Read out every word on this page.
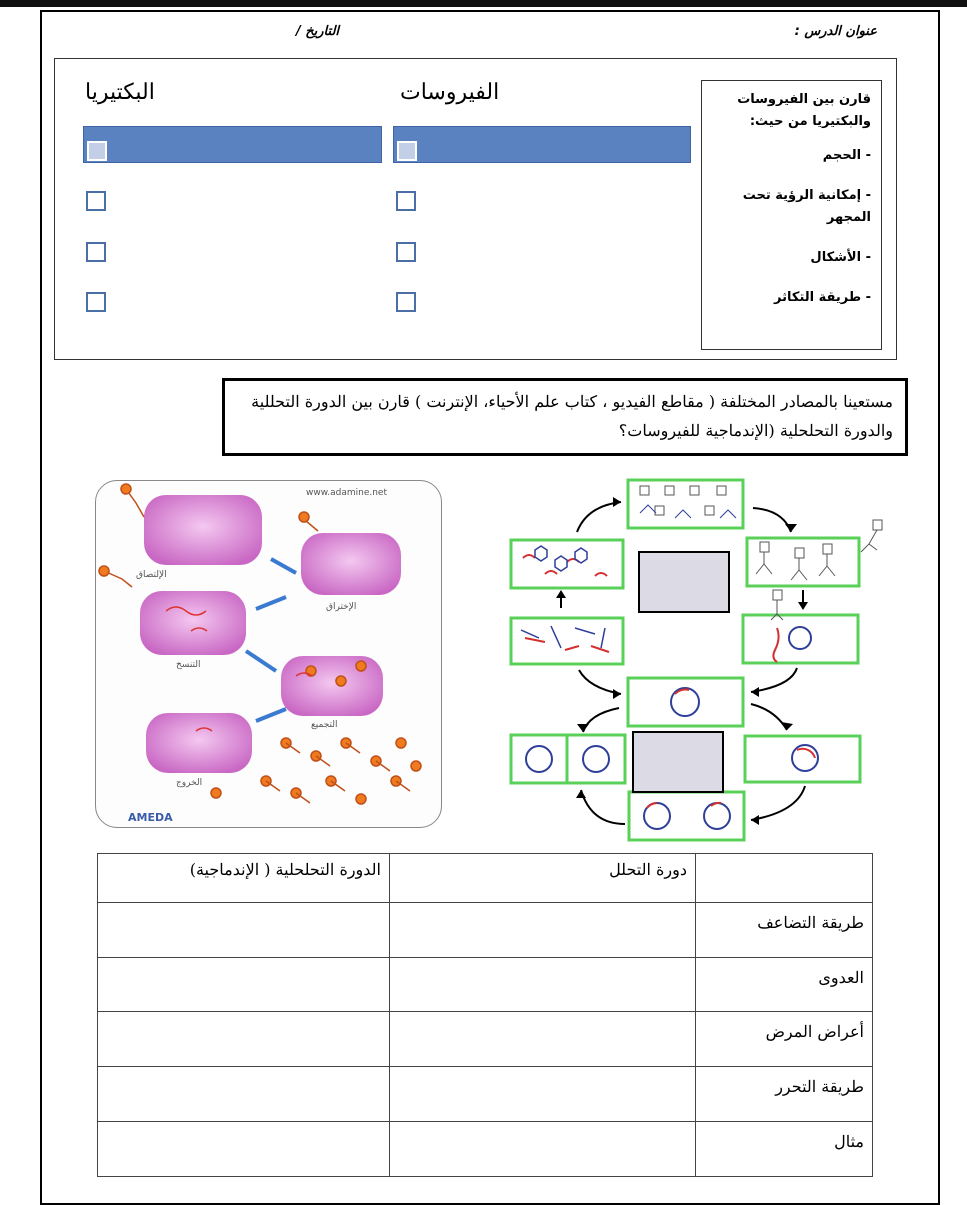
عنوان الدرس :
التاريخ /
قارن بين الفيروسات والبكتيريا من حيث:
- الحجم
- إمكانية الرؤية تحت المجهر
- الأشكال
- طريقة التكاثر
الفيروسات
البكتيريا
مستعينا بالمصادر المختلفة ( مقاطع الفيديو ، كتاب علم الأحياء، الإنترنت ) قارن بين الدورة التحللية والدورة التحلحلية (الإندماجية للفيروسات؟
www.adamine.net
الإلتصاق
الإختراق
التنسخ
التجميع
الخروج
AMEDA
	دورة التحلل	الدورة التحلحلية ( الإندماجية)
طريقة التضاعف		
العدوى		
أعراض المرض		
طريقة التحرر		
مثال		
